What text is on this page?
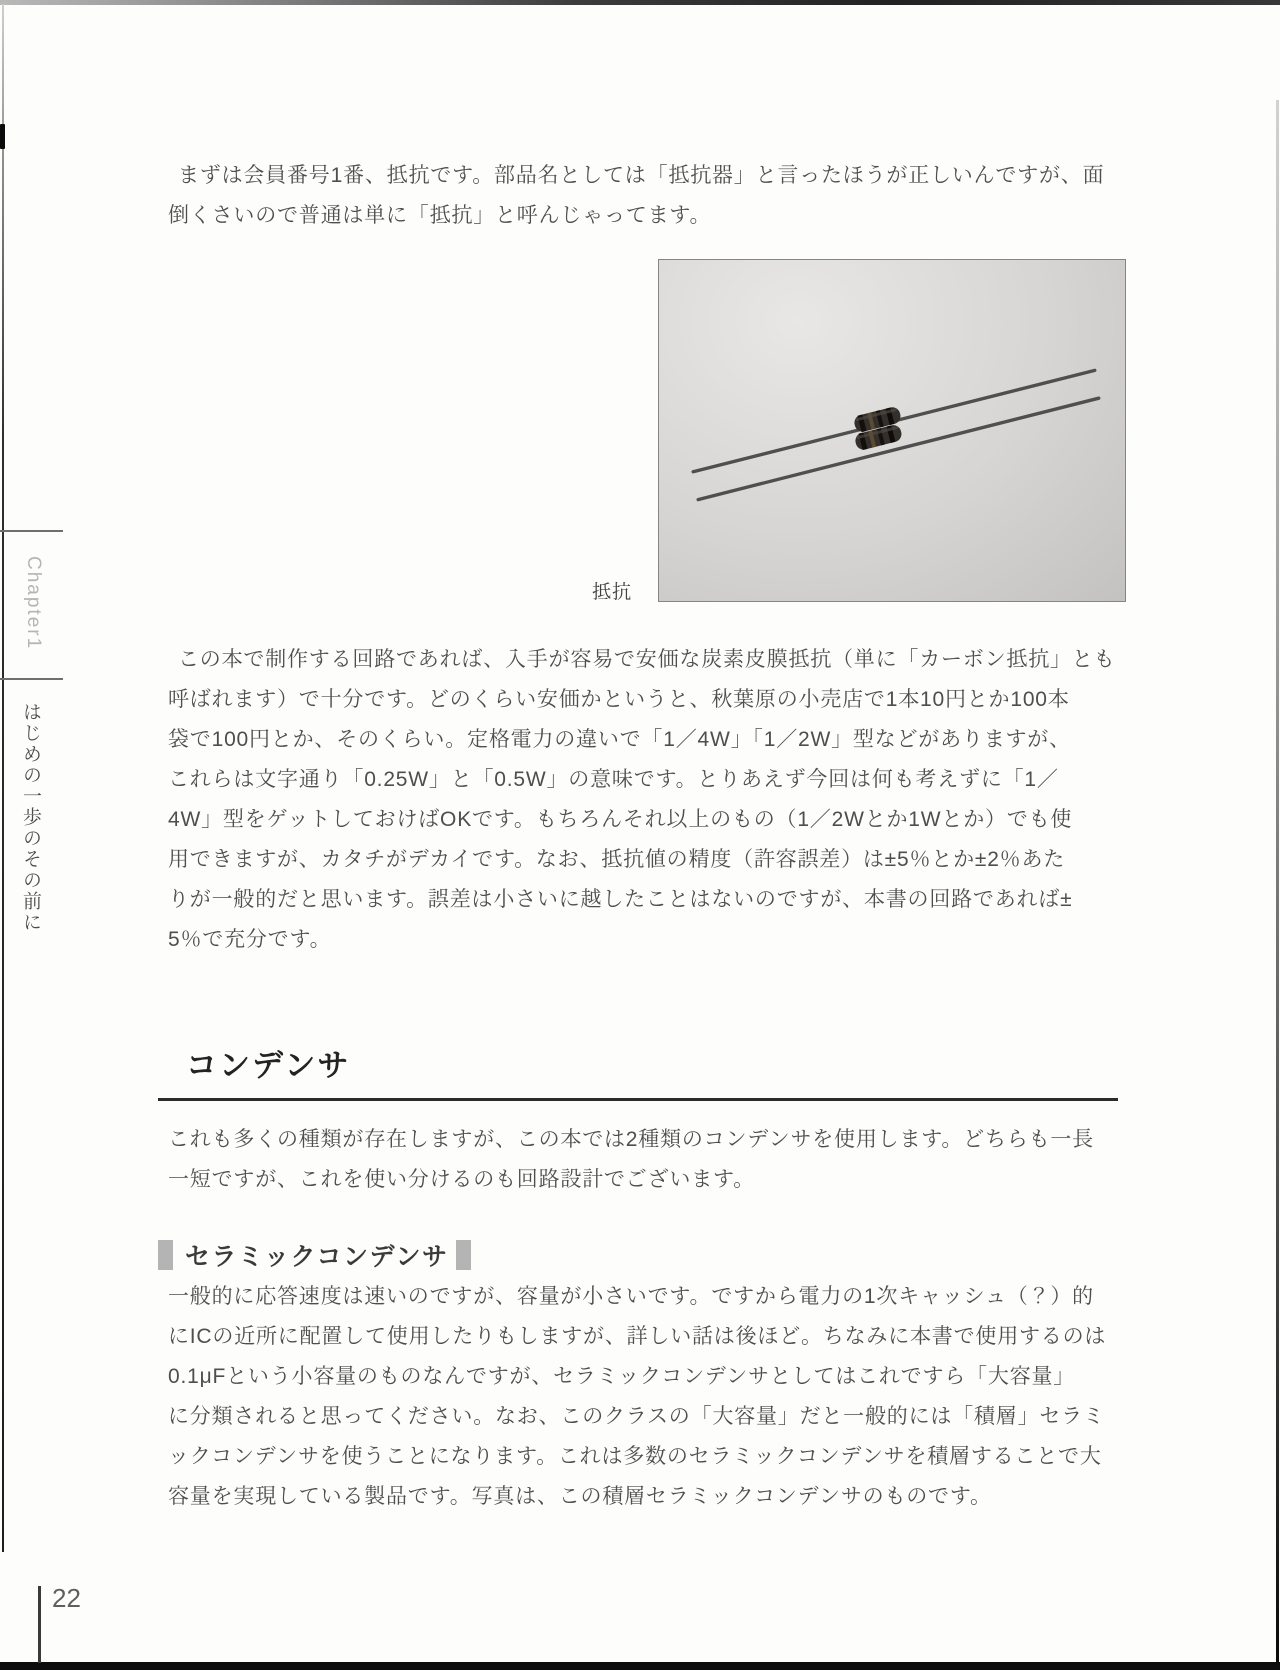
Chapter1
はじめの一歩のその前に
まずは会員番号1番、抵抗です。部品名としては「抵抗器」と言ったほうが正しいんですが、面
倒くさいので普通は単に「抵抗」と呼んじゃってます。
抵抗
この本で制作する回路であれば、入手が容易で安価な炭素皮膜抵抗（単に「カーボン抵抗」とも
呼ばれます）で十分です。どのくらい安価かというと、秋葉原の小売店で1本10円とか100本
袋で100円とか、そのくらい。定格電力の違いで「1／4W」「1／2W」型などがありますが、
これらは文字通り「0.25W」と「0.5W」の意味です。とりあえず今回は何も考えずに「1／
4W」型をゲットしておけばOKです。もちろんそれ以上のもの（1／2Wとか1Wとか）でも使
用できますが、カタチがデカイです。なお、抵抗値の精度（許容誤差）は±5％とか±2％あた
りが一般的だと思います。誤差は小さいに越したことはないのですが、本書の回路であれば±
5％で充分です。
コンデンサ
これも多くの種類が存在しますが、この本では2種類のコンデンサを使用します。どちらも一長
一短ですが、これを使い分けるのも回路設計でございます。
セラミックコンデンサ
一般的に応答速度は速いのですが、容量が小さいです。ですから電力の1次キャッシュ（？）的
にICの近所に配置して使用したりもしますが、詳しい話は後ほど。ちなみに本書で使用するのは
0.1μFという小容量のものなんですが、セラミックコンデンサとしてはこれですら「大容量」
に分類されると思ってください。なお、このクラスの「大容量」だと一般的には「積層」セラミ
ックコンデンサを使うことになります。これは多数のセラミックコンデンサを積層することで大
容量を実現している製品です。写真は、この積層セラミックコンデンサのものです。
22
